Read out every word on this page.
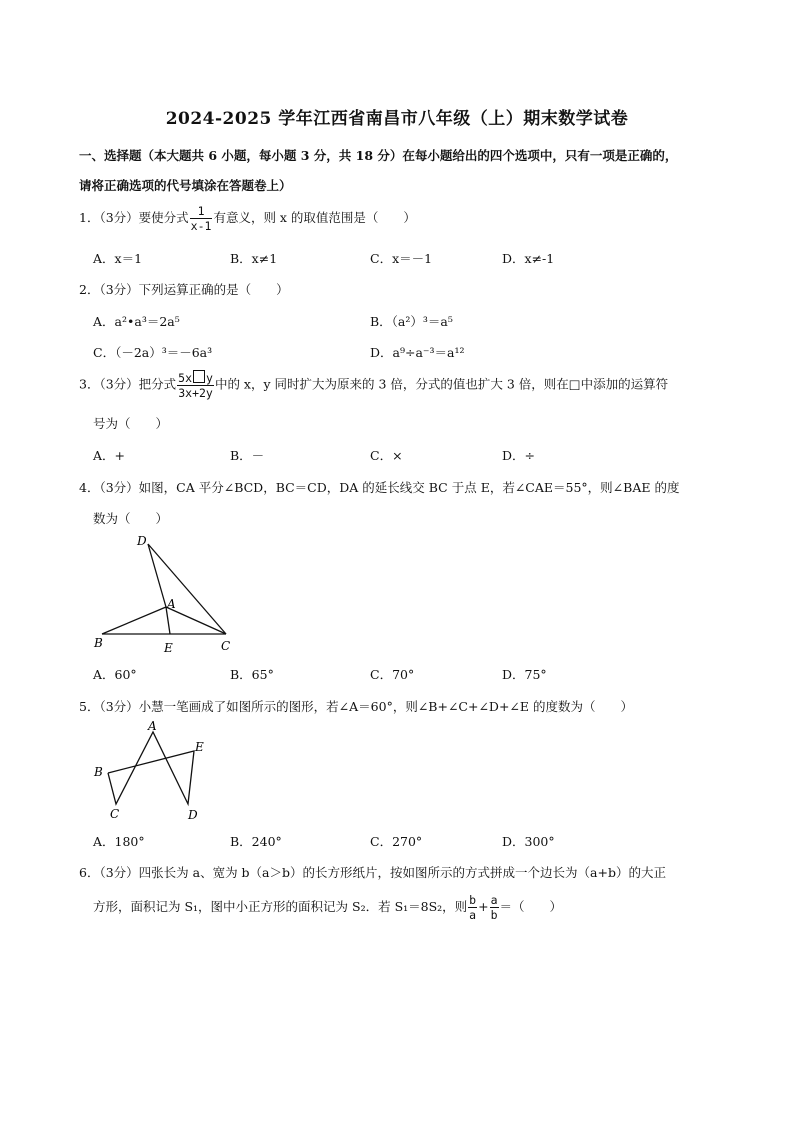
2024-2025 学年江西省南昌市八年级（上）期末数学试卷
一、选择题（本大题共 6 小题，每小题 3 分，共 18 分）在每小题给出的四个选项中，只有一项是正确的，
请将正确选项的代号填涂在答题卷上）
1．（3分）要使分式 $\frac{1}{x-1}$ 有意义，则 x 的取值范围是（　　）
A．x＝1	B．x≠1	C．x＝－1	D．x≠-1
2．（3分）下列运算正确的是（　　）
A．a²•a³＝2a⁵	B．（a²）³＝a⁵
C．（－2a）³＝－6a³	D．a⁹÷a⁻³＝a¹²
3．（3分）把分式 $\frac{\text{5x y}}{3x+2y}$ 中的 x，y 同时扩大为原来的 3 倍，分式的值也扩大 3 倍，则在□中添加的运算符
号为（　　）
A．+	B．－	C．×	D．÷
4．（3分）如图，CA 平分∠BCD，BC＝CD，DA 的延长线交 BC 于点 E，若∠CAE＝55°，则∠BAE 的度
数为（　　）
D
A
B	E	C
A．60°	B．65°	C．70°	D．75°
5．（3分）小慧一笔画成了如图所示的图形，若∠A＝60°，则∠B+∠C+∠D+∠E 的度数为（　　）
A
E
B
C	D
A．180°	B．240°	C．270°	D．300°
6．（3分）四张长为 a、宽为 b（a＞b）的长方形纸片，按如图所示的方式拼成一个边长为（a+b）的大正
方形，面积记为 S₁，图中小正方形的面积记为 S₂．若 S₁＝8S₂，则 $\frac{b}{a} + \frac{a}{b}$ ＝（　　）
